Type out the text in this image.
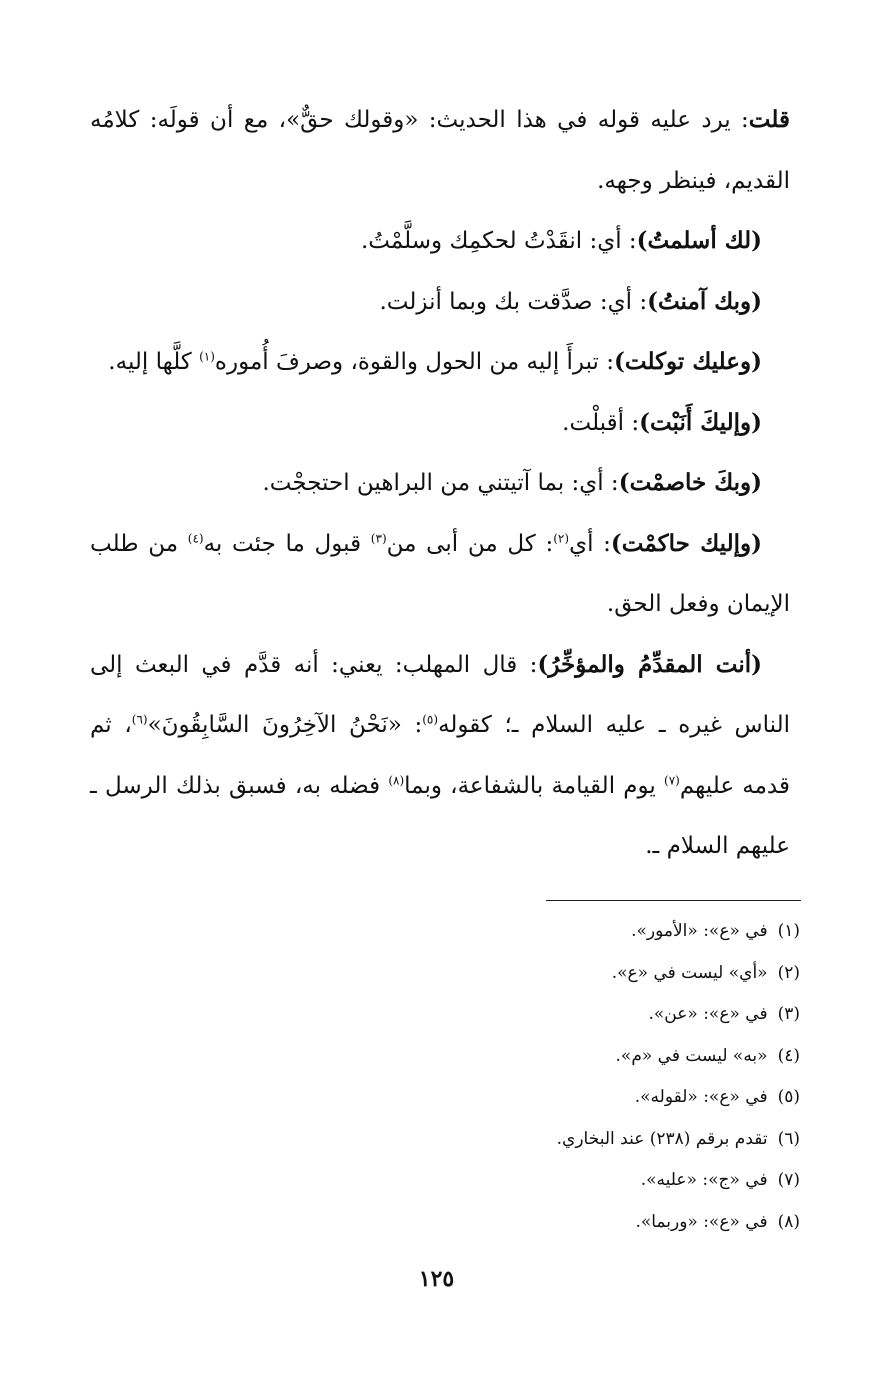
قلت: يرد عليه قوله في هذا الحديث: «وقولك حقٌّ»، مع أن قولَه: كلامُه القديم، فينظر وجهه.

(لك أسلمتُ): أي: انقَدْتُ لحكمِك وسلَّمْتُ.

(وبك آمنتُ): أي: صدَّقت بك وبما أنزلت.

(وعليك توكلت): تبرأَ إليه من الحول والقوة، وصرفَ أُموره$^{(١)}$ كلَّها إليه.

(وإليكَ أَنَبْت): أقبلْت.

(وبكَ خاصمْت): أي: بما آتيتني من البراهين احتججْت.

(وإليك حاكمْت): أي$^{(٢)}$: كل من أبى من$^{(٣)}$ قبول ما جئت به$^{(٤)}$ من طلب الإيمان وفعل الحق.

(أنت المقدِّمُ والمؤخِّرُ): قال المهلب: يعني: أنه قدَّم في البعث إلى الناس غيره ـ عليه السلام ـ؛ كقوله$^{(٥)}$: «نَحْنُ الآخِرُونَ السَّابِقُونَ»$^{(٦)}$، ثم قدمه عليهم$^{(٧)}$ يوم القيامة بالشفاعة، وبما$^{(٨)}$ فضله به، فسبق بذلك الرسل ـ عليهم السلام ـ.

(١)في «ع»: «الأمور».
(٢)«أي» ليست في «ع».
(٣)في «ع»: «عن».
(٤)«به» ليست في «م».
(٥)في «ع»: «لقوله».
(٦)تقدم برقم (٢٣٨) عند البخاري.
(٧)في «ج»: «عليه».
(٨)في «ع»: «وربما».
١٢٥
